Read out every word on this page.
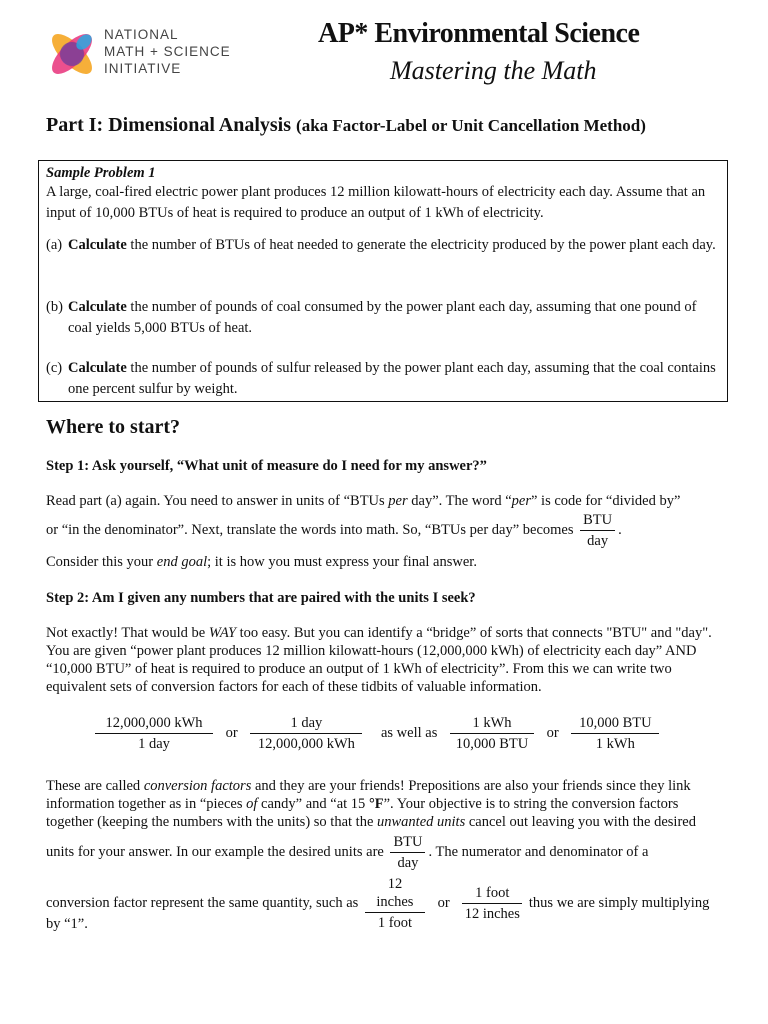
NATIONAL
MATH + SCIENCE
INITIATIVE
AP* Environmental Science
Mastering the Math
Part I: Dimensional Analysis (aka Factor-Label or Unit Cancellation Method)
Sample Problem 1
A large, coal-fired electric power plant produces 12 million kilowatt-hours of electricity each day. Assume that an input of 10,000 BTUs of heat is required to produce an output of 1 kWh of electricity.
(a) Calculate the number of BTUs of heat needed to generate the electricity produced by the power plant each day.
(b) Calculate the number of pounds of coal consumed by the power plant each day, assuming that one pound of coal yields 5,000 BTUs of heat.
(c) Calculate the number of pounds of sulfur released by the power plant each day, assuming that the coal contains one percent sulfur by weight.
Where to start?
Step 1: Ask yourself, “What unit of measure do I need for my answer?”
Read part (a) again. You need to answer in units of “BTUs per day”. The word “per” is code for “divided by”
or “in the denominator”. Next, translate the words into math. So, “BTUs per day” becomes $\frac{\text{BTU}}{\text{day}}$ .
Consider this your end goal; it is how you must express your final answer.
Step 2: Am I given any numbers that are paired with the units I seek?
Not exactly! That would be WAY too easy. But you can identify a “bridge” of sorts that connects "BTU" and "day". You are given “power plant produces 12 million kilowatt-hours (12,000,000 kWh) of electricity each day” AND “10,000 BTU” of heat is required to produce an output of 1 kWh of electricity”. From this we can write two equivalent sets of conversion factors for each of these tidbits of valuable information.
$\frac{\text{12,000,000 kWh}}{\text{1 day}}$ or $\frac{\text{1 day}}{\text{12,000,000 kWh}}$ as well as $\frac{\text{1 kWh}}{\text{10,000 BTU}}$ or $\frac{\text{10,000 BTU}}{\text{1 kWh}}$
These are called conversion factors and they are your friends! Prepositions are also your friends since they link information together as in “pieces of candy” and “at 15 °F”. Your objective is to string the conversion factors together (keeping the numbers with the units) so that the unwanted units cancel out leaving you with the desired
units for your answer. In our example the desired units are $\frac{\text{BTU}}{\text{day}}$ . The numerator and denominator of a
conversion factor represent the same quantity, such as $\frac{\text{12 inches}}{\text{1 foot}}$ or $\frac{\text{1 foot}}{\text{12 inches}}$ thus we are simply multiplying
by “1”.
